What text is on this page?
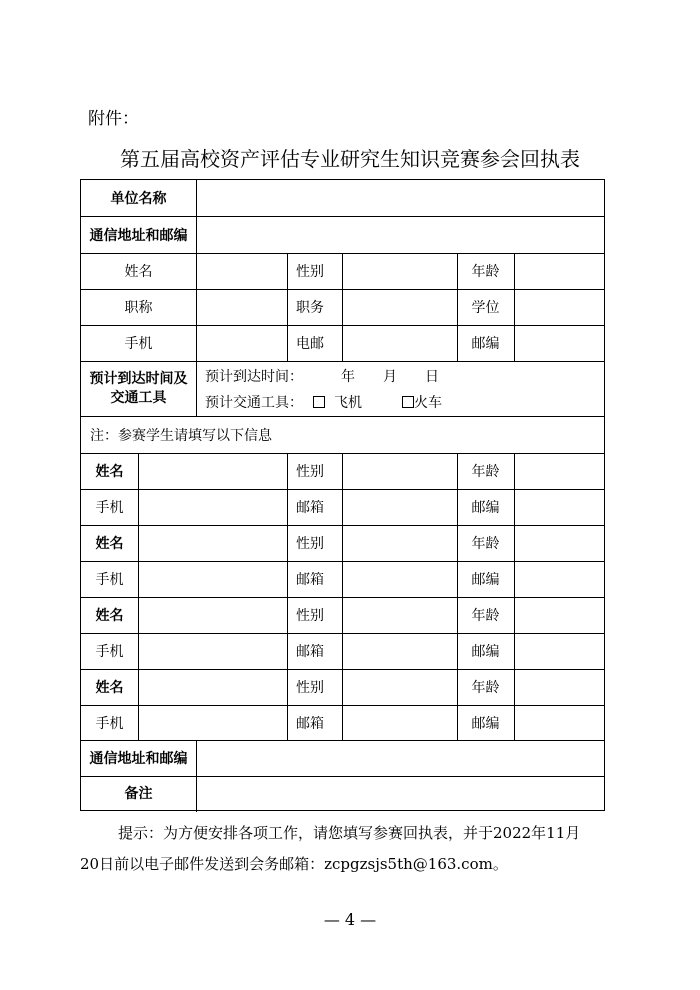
附件：
第五届高校资产评估专业研究生知识竞赛参会回执表
单位名称
通信地址和邮编
姓名	性别	年龄
职称	职务	学位
手机	电邮	邮编
预计到达时间及
交通工具
预计到达时间：	年 月 日
预计交通工具： 飞机	火车
注：参赛学生请填写以下信息
姓名	性别	年龄
手机	邮箱	邮编
姓名	性别	年龄
手机	邮箱	邮编
姓名	性别	年龄
手机	邮箱	邮编
姓名	性别	年龄
手机	邮箱	邮编
通信地址和邮编
备注

提示：为方便安排各项工作，请您填写参赛回执表，并于2022年11月

20日前以电子邮件发送到会务邮箱：zcpgzsjs5th@163.com。

— 4 —
